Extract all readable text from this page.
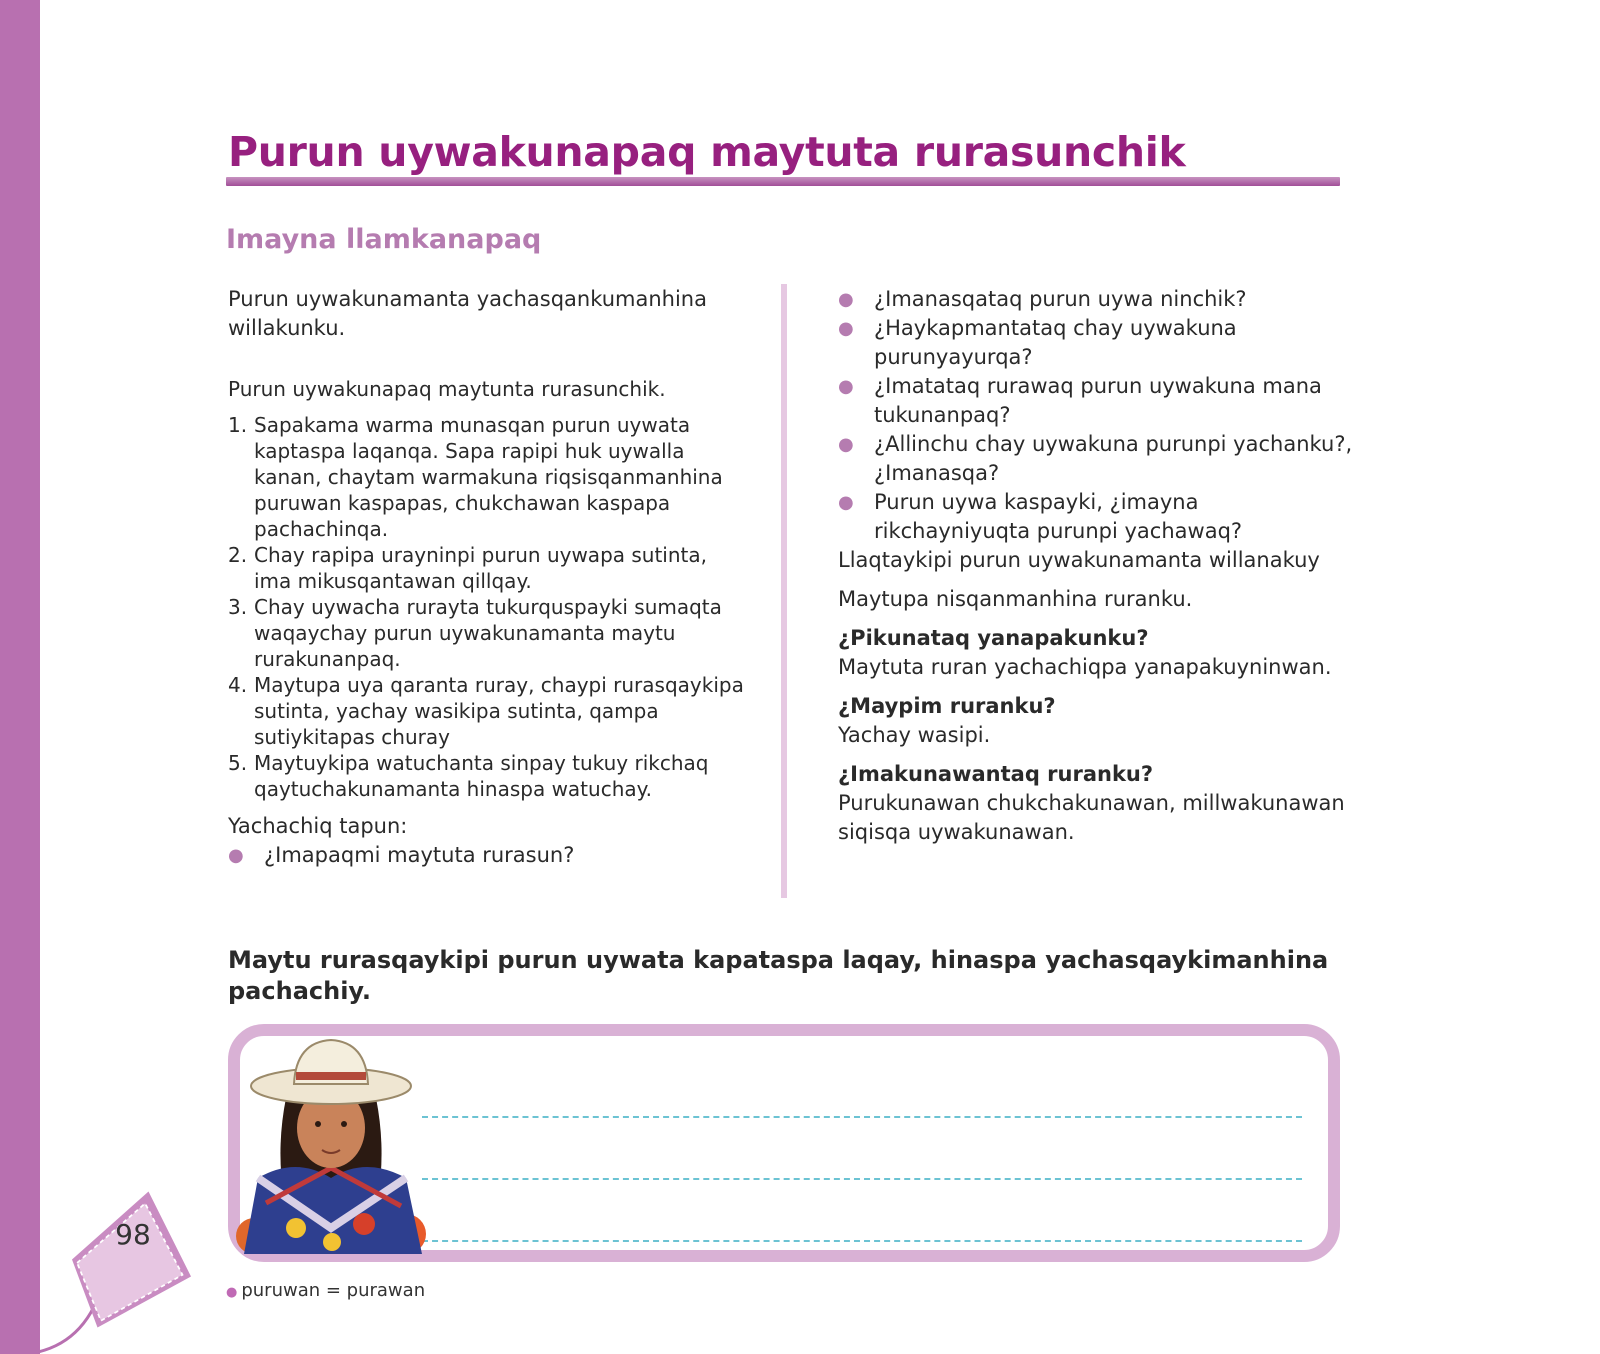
Purun uywakunapaq maytuta rurasunchik
Imayna llamkanapaq

Purun uywakunamanta yachasqankumanhina willakunku.

Purun uywakunapaq maytunta rurasunchik.

1. Sapakama warma munasqan purun uywata kaptaspa laqanqa. Sapa rapipi huk uywalla kanan, chaytam warmakuna riqsisqanmanhina puruwan kaspapas, chukchawan kaspapa pachachinqa.
2. Chay rapipa urayninpi purun uywapa sutinta, ima mikusqantawan qillqay.
3. Chay uywacha rurayta tukurquspayki sumaqta waqaychay purun uywakunamanta maytu rurakunanpaq.
4. Maytupa uya qaranta ruray, chaypi rurasqaykipa sutinta, yachay wasikipa sutinta, qampa sutiykitapas churay
5. Maytuykipa watuchanta sinpay tukuy rikchaq qaytuchakunamanta hinaspa watuchay.

Yachachiq tapun:

● ¿Imapaqmi maytuta rurasun?
● ¿Imanasqataq purun uywa ninchik?
● ¿Haykapmantataq chay uywakuna purunyayurqa?
● ¿Imatataq rurawaq purun uywakuna mana tukunanpaq?
● ¿Allinchu chay uywakuna purunpi yachanku?, ¿Imanasqa?
● Purun uywa kaspayki, ¿imayna rikchayniyuqta purunpi yachawaq?

Llaqtaykipi purun uywakunamanta willanakuy

Maytupa nisqanmanhina ruranku.

¿Pikunataq yanapakunku?

Maytuta ruran yachachiqpa yanapakuyninwan.

¿Maypim ruranku?

Yachay wasipi.

¿Imakunawantaq ruranku?

Purukunawan chukchakunawan, millwakunawan siqisqa uywakunawan.

Maytu rurasqaykipi purun uywata kapataspa laqay, hinaspa yachasqaykimanhina pachachiy.

● puruwan = purawan
98
